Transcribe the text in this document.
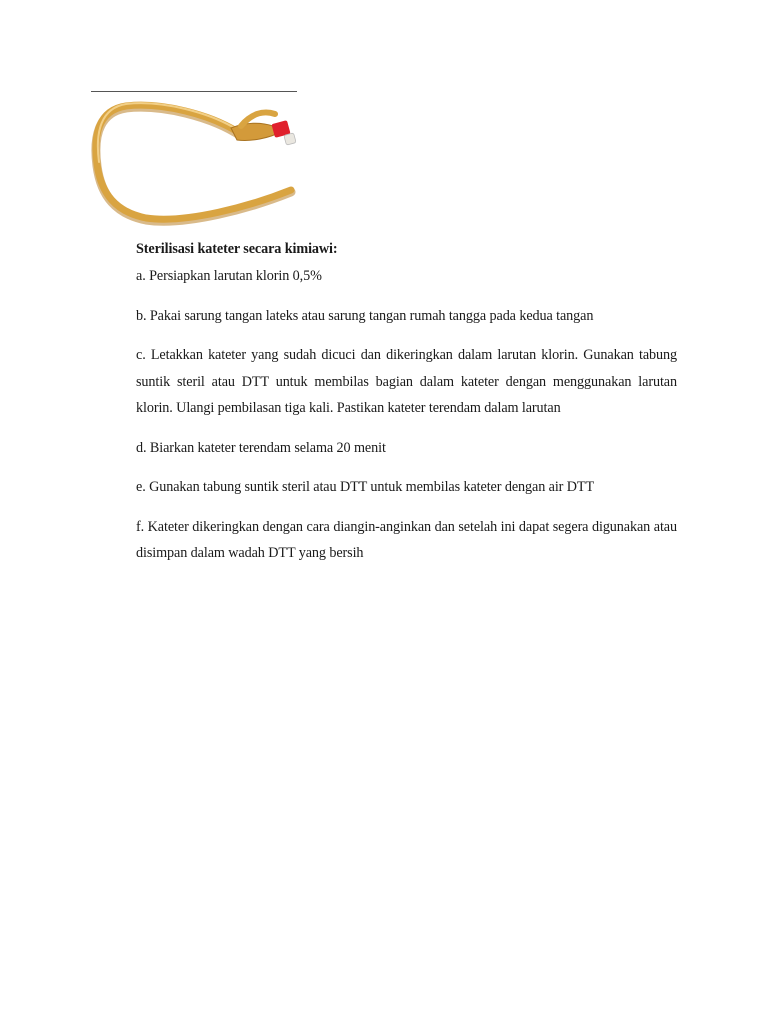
Sterilisasi kateter secara kimiawi:

a. Persiapkan larutan klorin 0,5%

b. Pakai sarung tangan lateks atau sarung tangan rumah tangga pada kedua tangan

c. Letakkan kateter yang sudah dicuci dan dikeringkan dalam larutan klorin. Gunakan tabung suntik steril atau DTT untuk membilas bagian dalam kateter dengan menggunakan larutan klorin. Ulangi pembilasan tiga kali. Pastikan kateter terendam dalam larutan

d. Biarkan kateter terendam selama 20 menit

e. Gunakan tabung suntik steril atau DTT untuk membilas kateter dengan air DTT

f. Kateter dikeringkan dengan cara diangin-anginkan dan setelah ini dapat segera digunakan atau disimpan dalam wadah DTT yang bersih
